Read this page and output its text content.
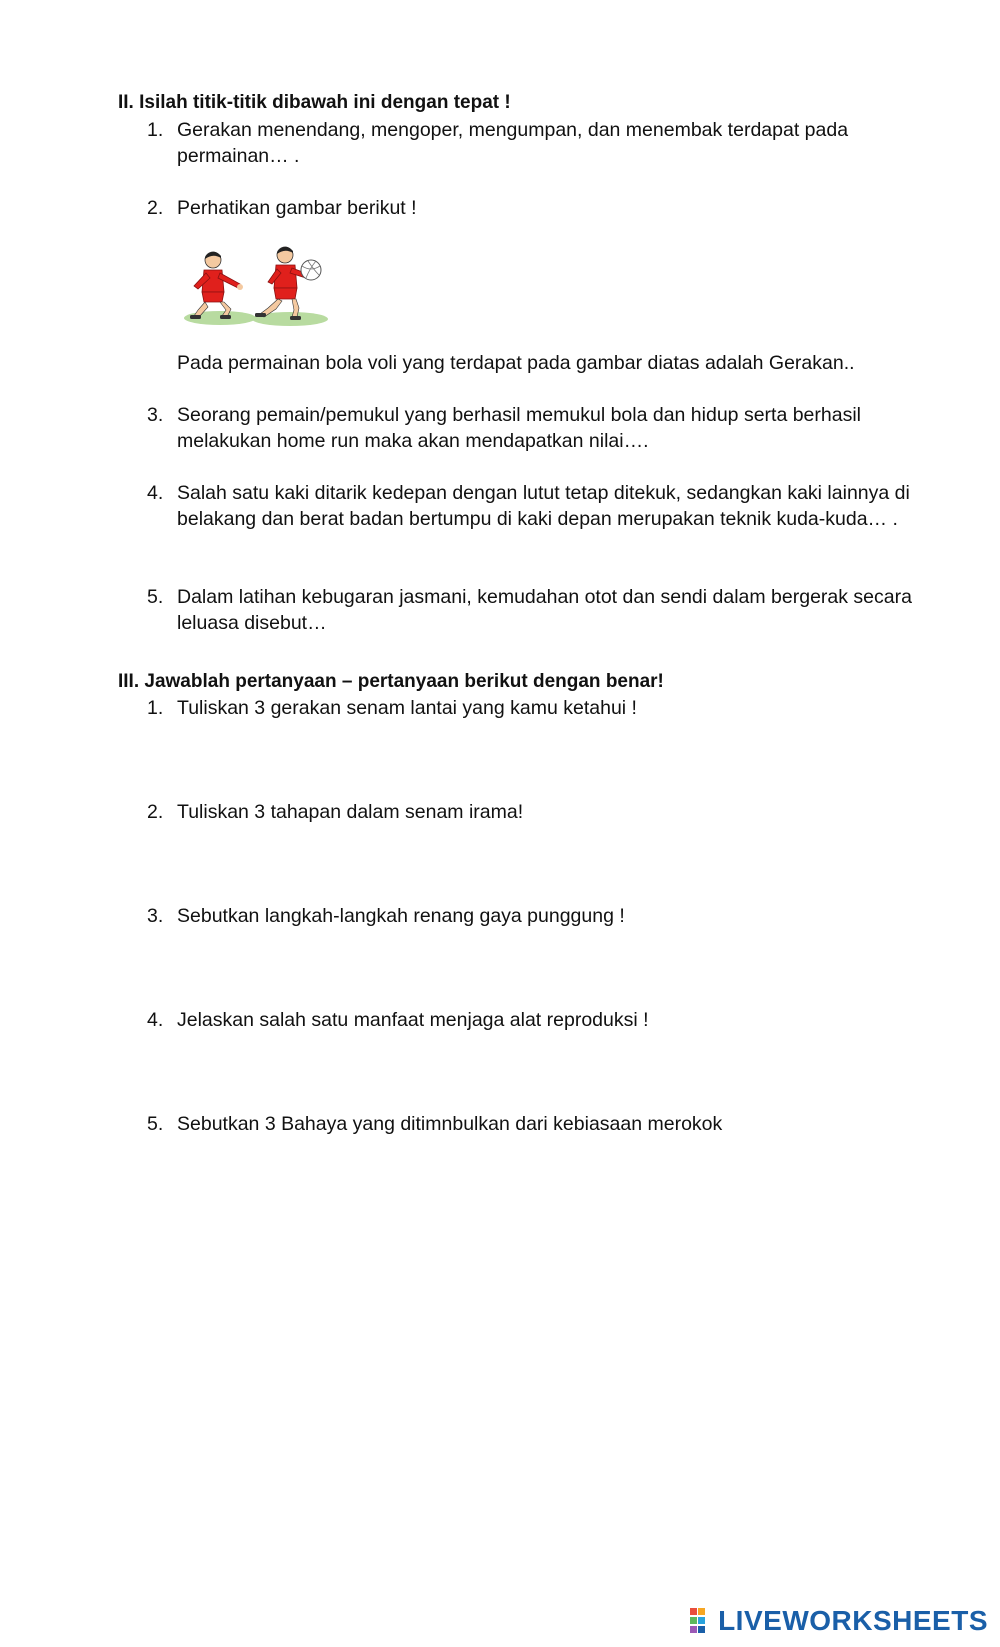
II. Isilah titik-titik dibawah ini dengan tepat !
1. Gerakan menendang, mengoper, mengumpan, dan menembak terdapat pada permainan… .
2. Perhatikan gambar berikut !
Pada permainan bola voli yang terdapat pada gambar diatas adalah Gerakan..
3. Seorang pemain/pemukul yang berhasil memukul bola dan hidup serta berhasil melakukan home run maka akan mendapatkan nilai….
4. Salah satu kaki ditarik kedepan dengan lutut tetap ditekuk, sedangkan kaki lainnya di belakang dan berat badan bertumpu di kaki depan merupakan teknik kuda-kuda… .
5. Dalam latihan kebugaran jasmani, kemudahan otot dan sendi dalam bergerak secara leluasa disebut…
III. Jawablah pertanyaan – pertanyaan berikut dengan benar!
1. Tuliskan 3 gerakan senam lantai yang kamu ketahui !
2. Tuliskan 3 tahapan dalam senam irama!
3. Sebutkan langkah-langkah renang gaya punggung !
4. Jelaskan salah satu manfaat menjaga alat reproduksi !
5. Sebutkan 3 Bahaya yang ditimnbulkan dari kebiasaan merokok
LIVEWORKSHEETS
